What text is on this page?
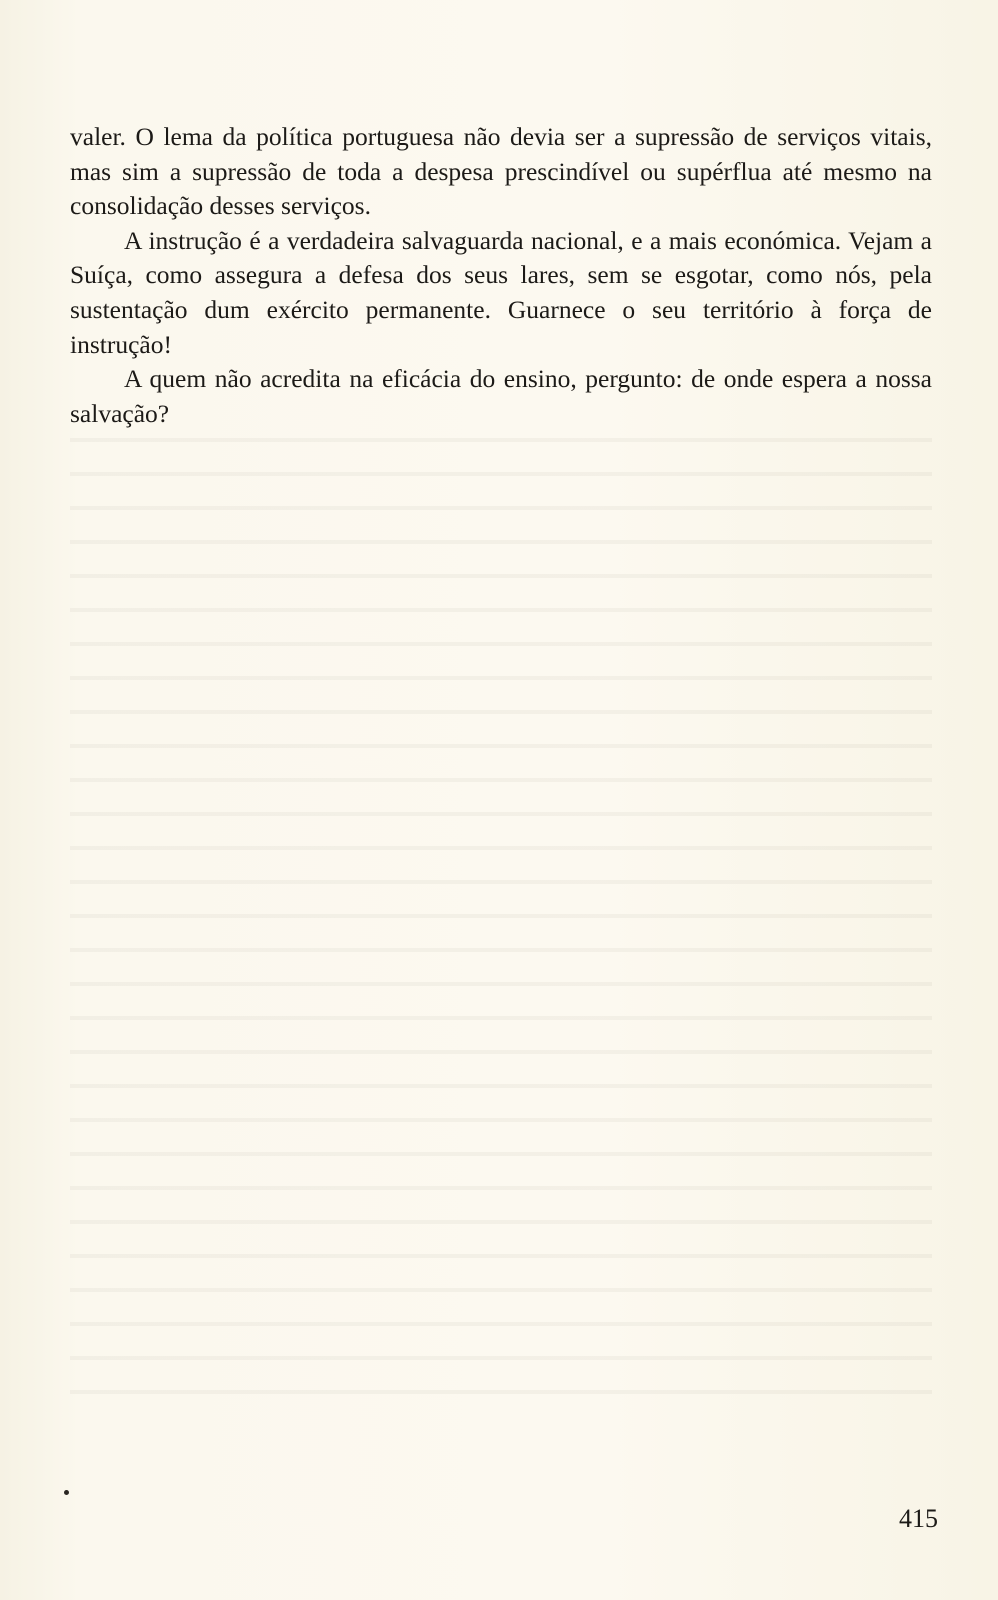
valer. O lema da política portuguesa não devia ser a supressão de serviços vitais, mas sim a supressão de toda a despesa prescindível ou supérflua até mesmo na consolidação desses serviços.

A instrução é a verdadeira salvaguarda nacional, e a mais económica. Vejam a Suíça, como assegura a defesa dos seus lares, sem se esgotar, como nós, pela sustentação dum exército permanente. Guarnece o seu território à força de instrução!

A quem não acredita na eficácia do ensino, pergunto: de onde espera a nossa salvação?

415
